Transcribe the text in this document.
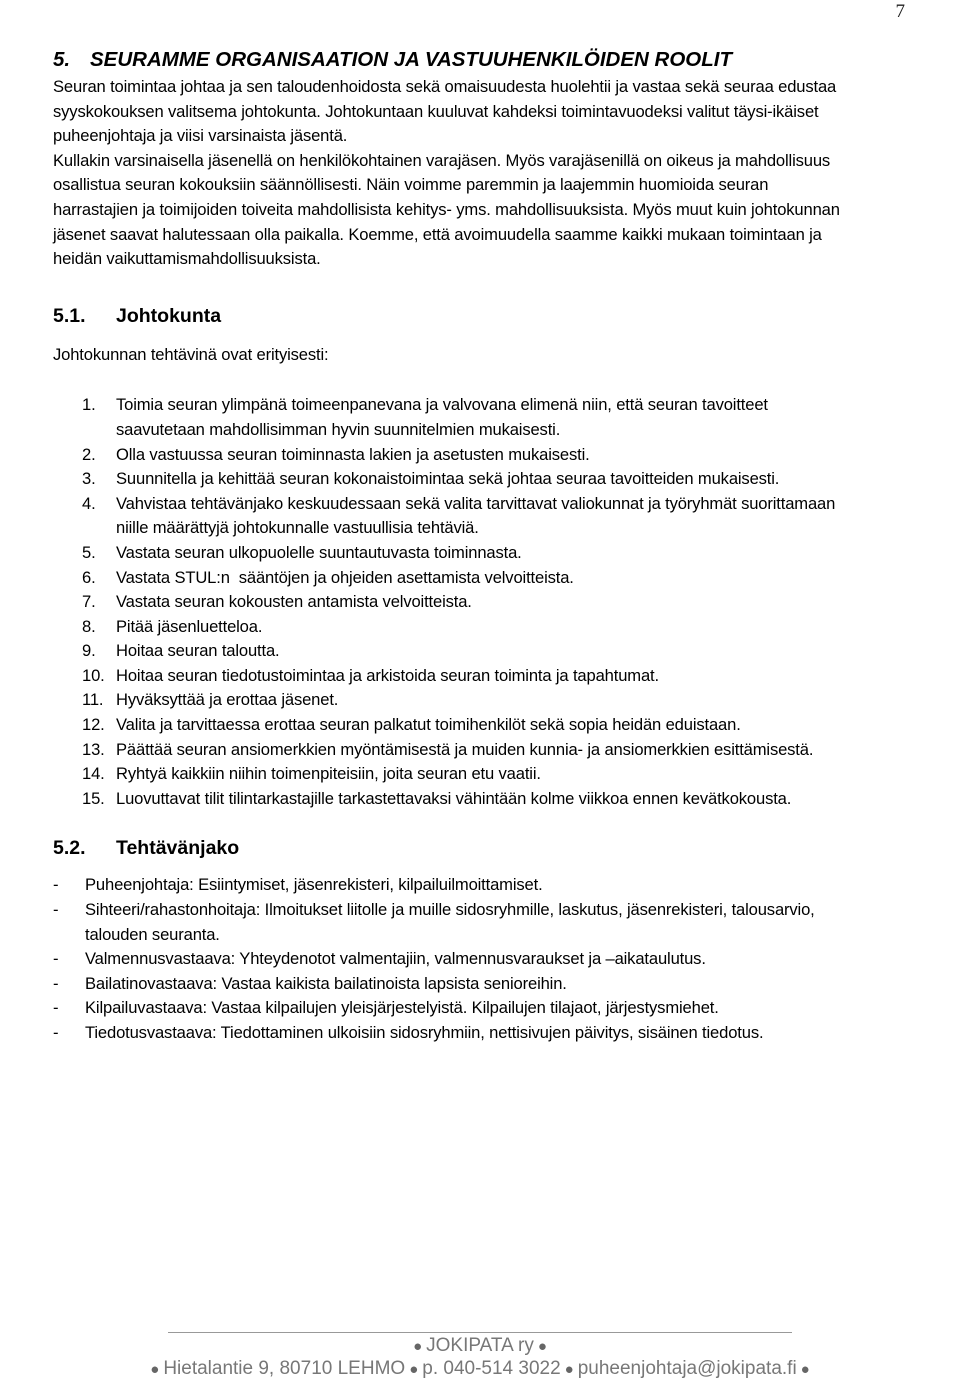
7
5. SEURAMME ORGANISAATION JA VASTUUHENKILÖIDEN ROOLIT
Seuran toimintaa johtaa ja sen taloudenhoidosta sekä omaisuudesta huolehtii ja vastaa sekä seuraa edustaa
syyskokouksen valitsema johtokunta. Johtokuntaan kuuluvat kahdeksi toimintavuodeksi valitut täysi-ikäiset
puheenjohtaja ja viisi varsinaista jäsentä.
Kullakin varsinaisella jäsenellä on henkilökohtainen varajäsen. Myös varajäsenillä on oikeus ja mahdollisuus
osallistua seuran kokouksiin säännöllisesti. Näin voimme paremmin ja laajemmin huomioida seuran
harrastajien ja toimijoiden toiveita mahdollisista kehitys- yms. mahdollisuuksista. Myös muut kuin johtokunnan
jäsenet saavat halutessaan olla paikalla. Koemme, että avoimuudella saamme kaikki mukaan toimintaan ja
heidän vaikuttamismahdollisuuksista.
5.1.	Johtokunta

Johtokunnan tehtävinä ovat erityisesti:

1.	Toimia seuran ylimpänä toimeenpanevana ja valvovana elimenä niin, että seuran tavoitteet
saavutetaan mahdollisimman hyvin suunnitelmien mukaisesti.
2.	Olla vastuussa seuran toiminnasta lakien ja asetusten mukaisesti.
3.	Suunnitella ja kehittää seuran kokonaistoimintaa sekä johtaa seuraa tavoitteiden mukaisesti.
4.	Vahvistaa tehtävänjako keskuudessaan sekä valita tarvittavat valiokunnat ja työryhmät suorittamaan
niille määrättyjä johtokunnalle vastuullisia tehtäviä.
5.	Vastata seuran ulkopuolelle suuntautuvasta toiminnasta.
6.	Vastata STUL:n  sääntöjen ja ohjeiden asettamista velvoitteista.
7.	Vastata seuran kokousten antamista velvoitteista.
8.	Pitää jäsenluetteloa.
9.	Hoitaa seuran taloutta.
10. Hoitaa seuran tiedotustoimintaa ja arkistoida seuran toiminta ja tapahtumat.
11. Hyväksyttää ja erottaa jäsenet.
12. Valita ja tarvittaessa erottaa seuran palkatut toimihenkilöt sekä sopia heidän eduistaan.
13. Päättää seuran ansiomerkkien myöntämisestä ja muiden kunnia- ja ansiomerkkien esittämisestä.
14. Ryhtyä kaikkiin niihin toimenpiteisiin, joita seuran etu vaatii.
15. Luovuttavat tilit tilintarkastajille tarkastettavaksi vähintään kolme viikkoa ennen kevätkokousta.
5.2.	Tehtävänjako
-	Puheenjohtaja: Esiintymiset, jäsenrekisteri, kilpailuilmoittamiset.
-	Sihteeri/rahastonhoitaja: Ilmoitukset liitolle ja muille sidosryhmille, laskutus, jäsenrekisteri, talousarvio,
talouden seuranta.
-	Valmennusvastaava: Yhteydenotot valmentajiin, valmennusvaraukset ja –aikataulutus.
-	Bailatinovastaava: Vastaa kaikista bailatinoista lapsista senioreihin.
-	Kilpailuvastaava: Vastaa kilpailujen yleisjärjestelyistä. Kilpailujen tilajaot, järjestysmiehet.
-	Tiedotusvastaava: Tiedottaminen ulkoisiin sidosryhmiin, nettisivujen päivitys, sisäinen tiedotus.
● JOKIPATA ry ●
● Hietalantie 9, 80710 LEHMO ● p. 040-514 3022 ● puheenjohtaja@jokipata.fi ●
